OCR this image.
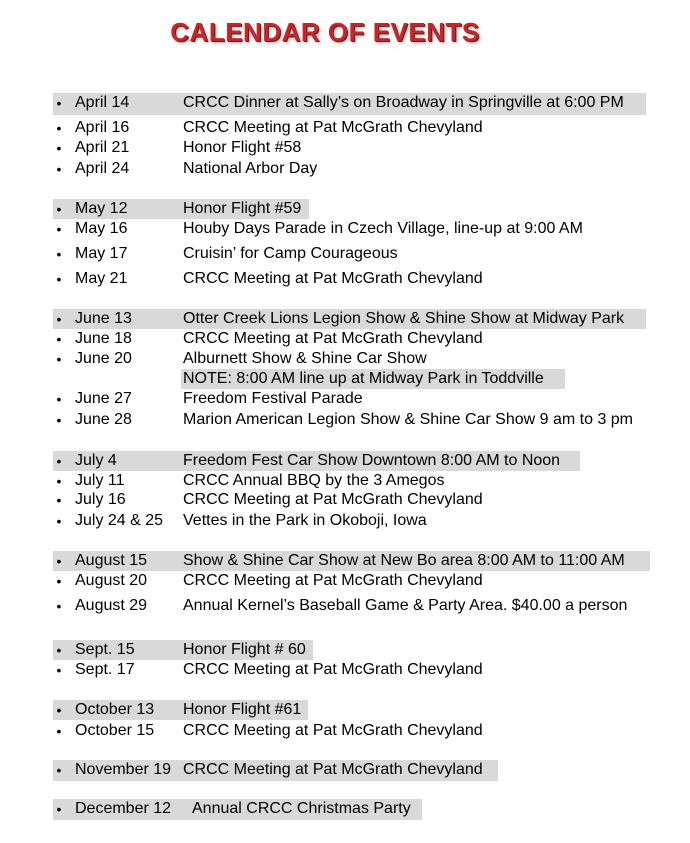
CALENDAR OF EVENTS
• April 14	CRCC Dinner at Sally’s on Broadway in Springville at 6:00 PM
• April 16	CRCC Meeting at Pat McGrath Chevyland
• April 21	Honor Flight #58
• April 24	National Arbor Day
• May 12	Honor Flight #59
• May 16	Houby Days Parade in Czech Village, line-up at 9:00 AM
• May 17	Cruisin’ for Camp Courageous
• May 21	CRCC Meeting at Pat McGrath Chevyland
• June 13	Otter Creek Lions Legion Show & Shine Show at Midway Park
• June 18	CRCC Meeting at Pat McGrath Chevyland
• June 20	Alburnett Show & Shine Car Show
NOTE: 8:00 AM line up at Midway Park in Toddville
• June 27	Freedom Festival Parade
• June 28	Marion American Legion Show & Shine Car Show 9 am to 3 pm
• July 4	Freedom Fest Car Show Downtown 8:00 AM to Noon
• July 11	CRCC Annual BBQ by the 3 Amegos
• July 16	CRCC Meeting at Pat McGrath Chevyland
• July 24 & 25 Vettes in the Park in Okoboji, Iowa
• August 15 Show & Shine Car Show at New Bo area 8:00 AM to 11:00 AM
• August 20 CRCC Meeting at Pat McGrath Chevyland
• August 29 Annual Kernel’s Baseball Game & Party Area. $40.00 a person
• Sept. 15	Honor Flight # 60
• Sept. 17	CRCC Meeting at Pat McGrath Chevyland
• October 13 Honor Flight #61
• October 15 CRCC Meeting at Pat McGrath Chevyland
• November 19 CRCC Meeting at Pat McGrath Chevyland
• December 12 Annual CRCC Christmas Party
